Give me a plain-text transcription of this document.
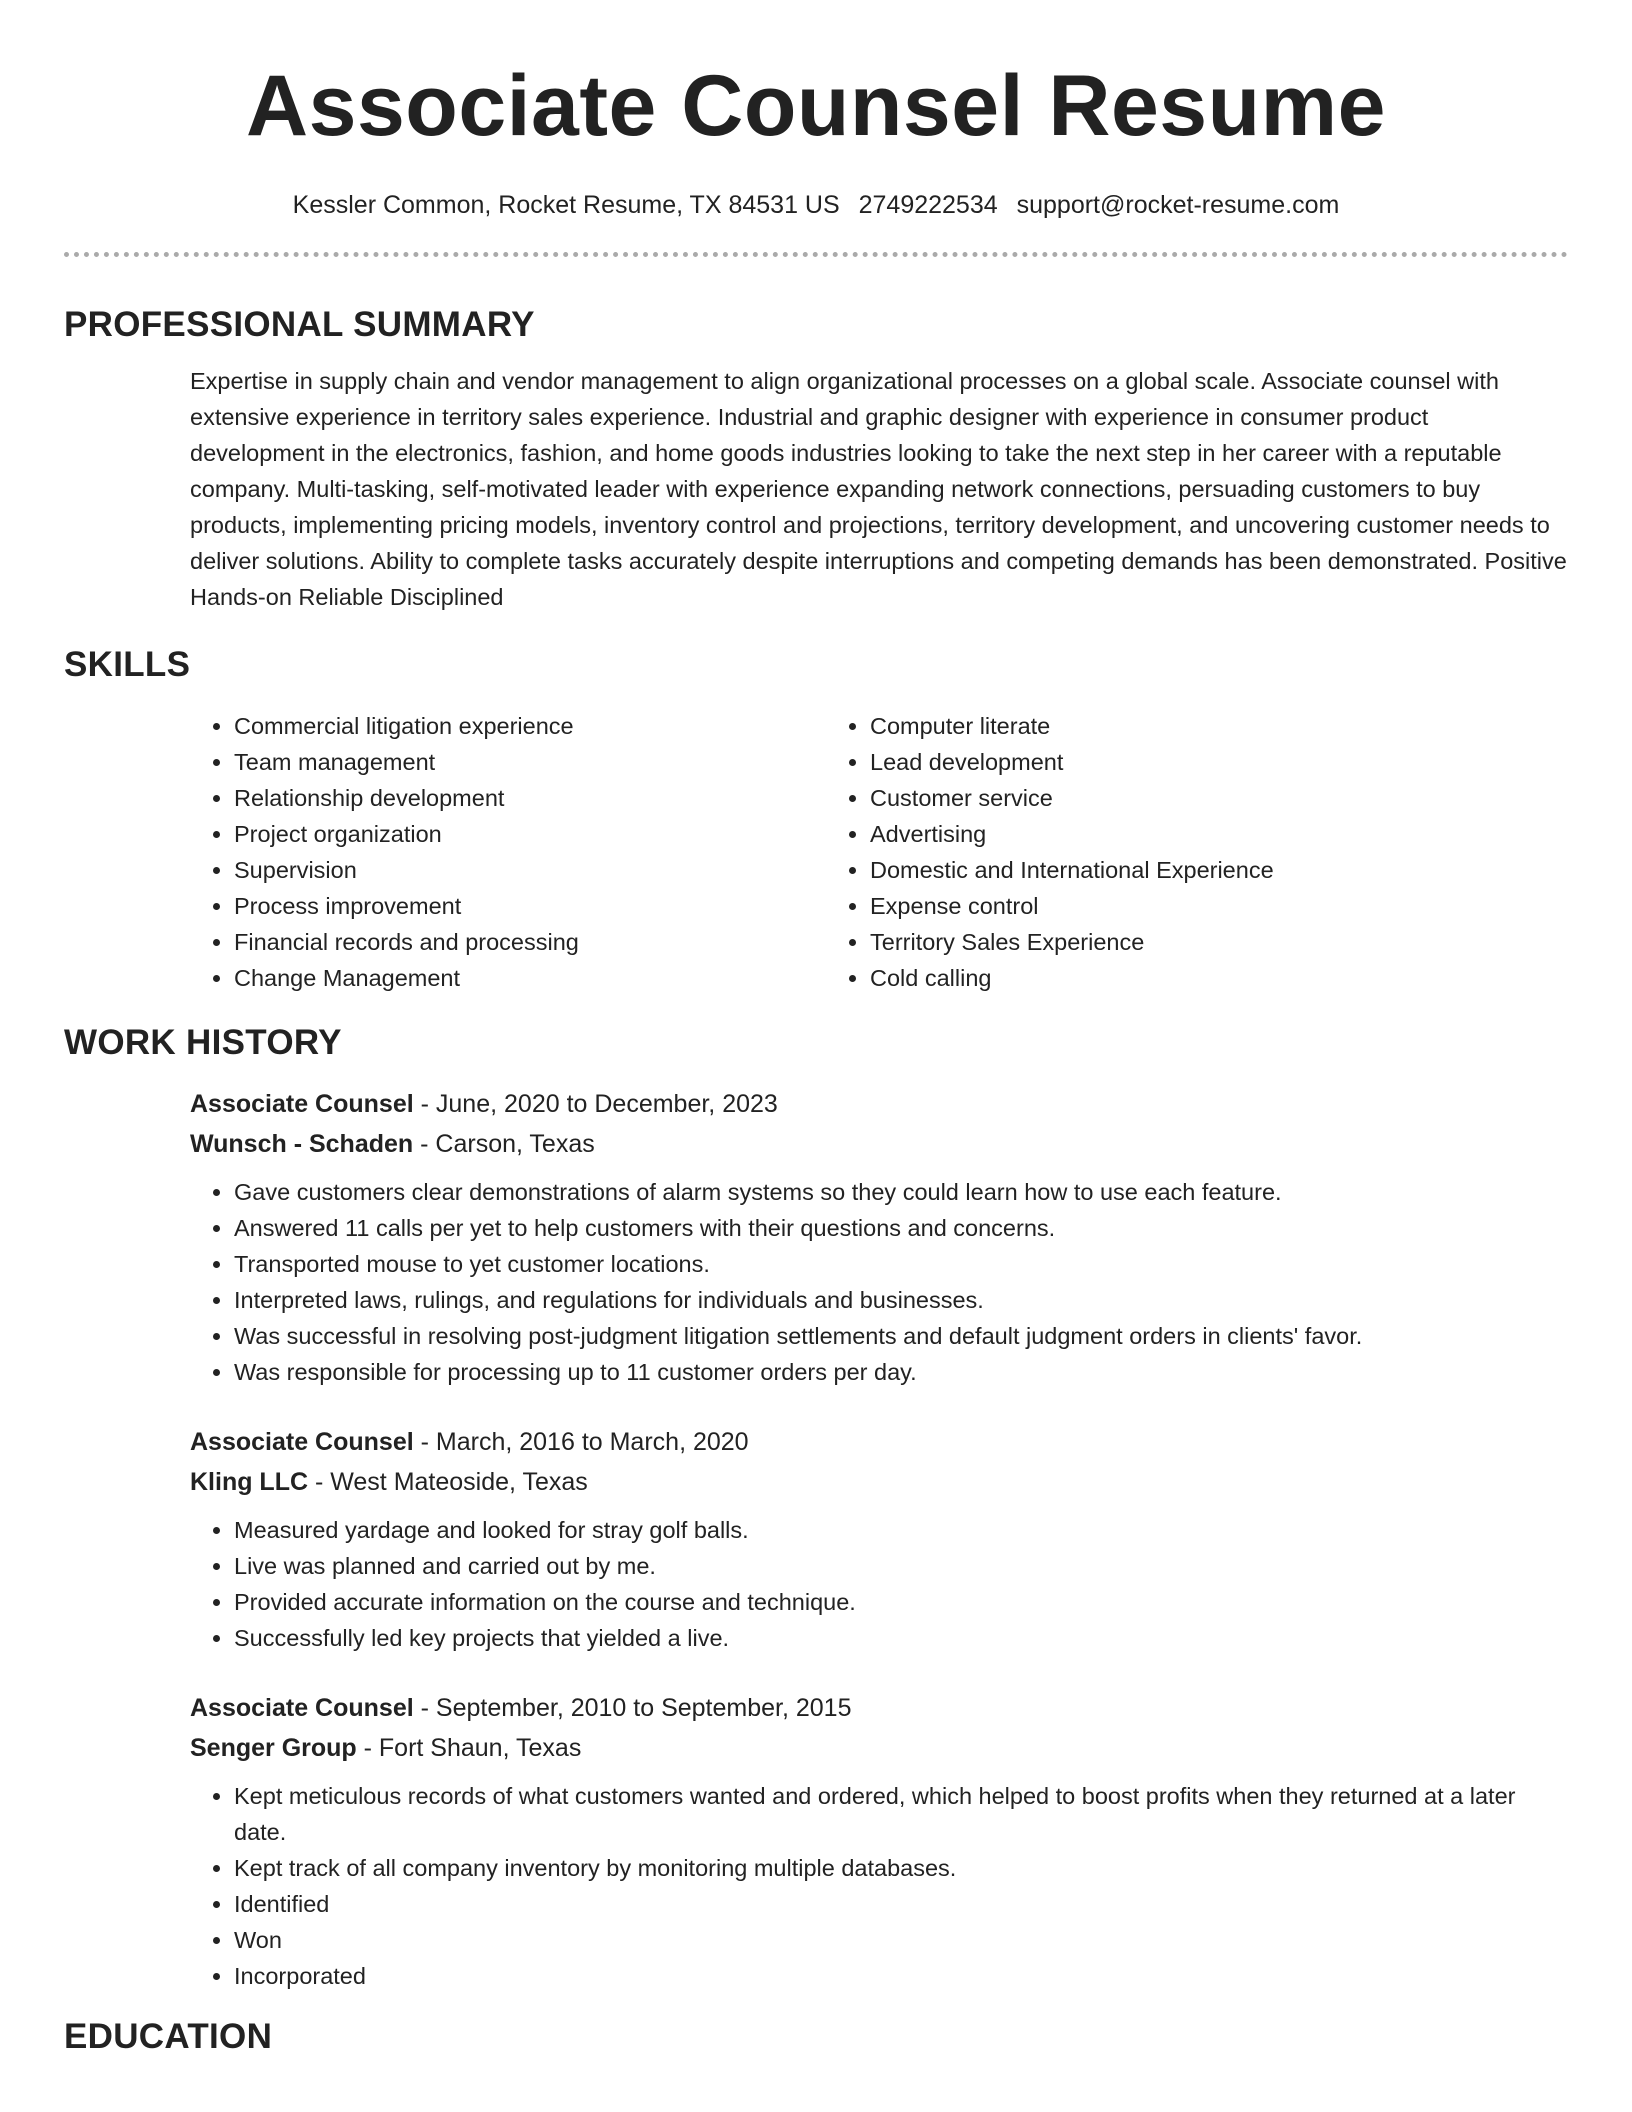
Associate Counsel Resume
Kessler Common, Rocket Resume, TX 84531 US 2749222534 support@rocket-resume.com
PROFESSIONAL SUMMARY

Expertise in supply chain and vendor management to align organizational processes on a global scale. Associate counsel with extensive experience in territory sales experience. Industrial and graphic designer with experience in consumer product development in the electronics, fashion, and home goods industries looking to take the next step in her career with a reputable company. Multi-tasking, self-motivated leader with experience expanding network connections, persuading customers to buy products, implementing pricing models, inventory control and projections, territory development, and uncovering customer needs to deliver solutions. Ability to complete tasks accurately despite interruptions and competing demands has been demonstrated. Positive Hands-on Reliable Disciplined

SKILLS
• Commercial litigation experience
• Team management
• Relationship development
• Project organization
• Supervision
• Process improvement
• Financial records and processing
• Change Management
• Computer literate
• Lead development
• Customer service
• Advertising
• Domestic and International Experience
• Expense control
• Territory Sales Experience
• Cold calling
WORK HISTORY
Associate Counsel - June, 2020 to December, 2023
Wunsch - Schaden - Carson, Texas
• Gave customers clear demonstrations of alarm systems so they could learn how to use each feature.
• Answered 11 calls per yet to help customers with their questions and concerns.
• Transported mouse to yet customer locations.
• Interpreted laws, rulings, and regulations for individuals and businesses.
• Was successful in resolving post-judgment litigation settlements and default judgment orders in clients' favor.
• Was responsible for processing up to 11 customer orders per day.
Associate Counsel - March, 2016 to March, 2020
Kling LLC - West Mateoside, Texas
• Measured yardage and looked for stray golf balls.
• Live was planned and carried out by me.
• Provided accurate information on the course and technique.
• Successfully led key projects that yielded a live.
Associate Counsel - September, 2010 to September, 2015
Senger Group - Fort Shaun, Texas
• Kept meticulous records of what customers wanted and ordered, which helped to boost profits when they returned at a later date.
• Kept track of all company inventory by monitoring multiple databases.
• Identified
• Won
• Incorporated
EDUCATION
